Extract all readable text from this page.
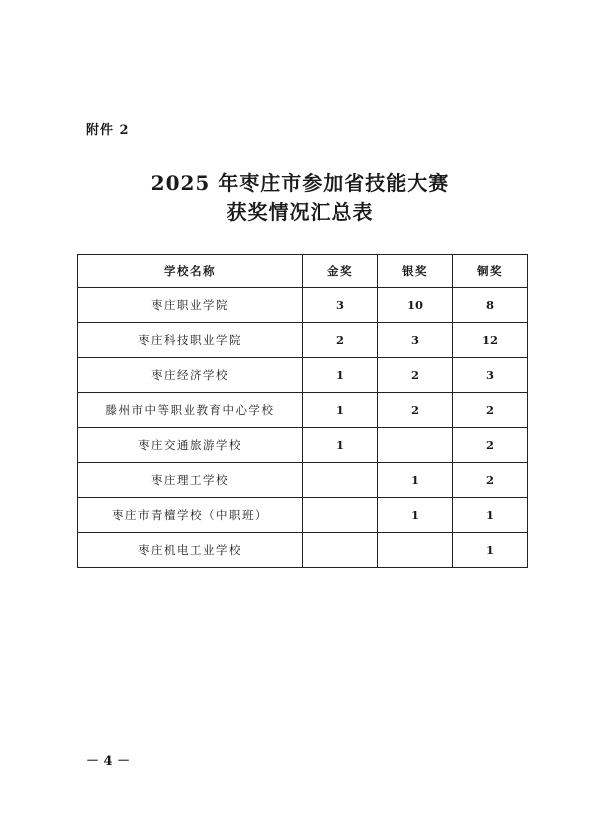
附件 2
2025 年枣庄市参加省技能大赛
获奖情况汇总表
学校名称	金奖	银奖	铜奖
枣庄职业学院	3	10	8
枣庄科技职业学院	2	3	12
枣庄经济学校	1	2	3
滕州市中等职业教育中心学校	1	2	2
枣庄交通旅游学校	1		2
枣庄理工学校		1	2
枣庄市青檀学校（中职班）		1	1
枣庄机电工业学校			1
－ 4 －
